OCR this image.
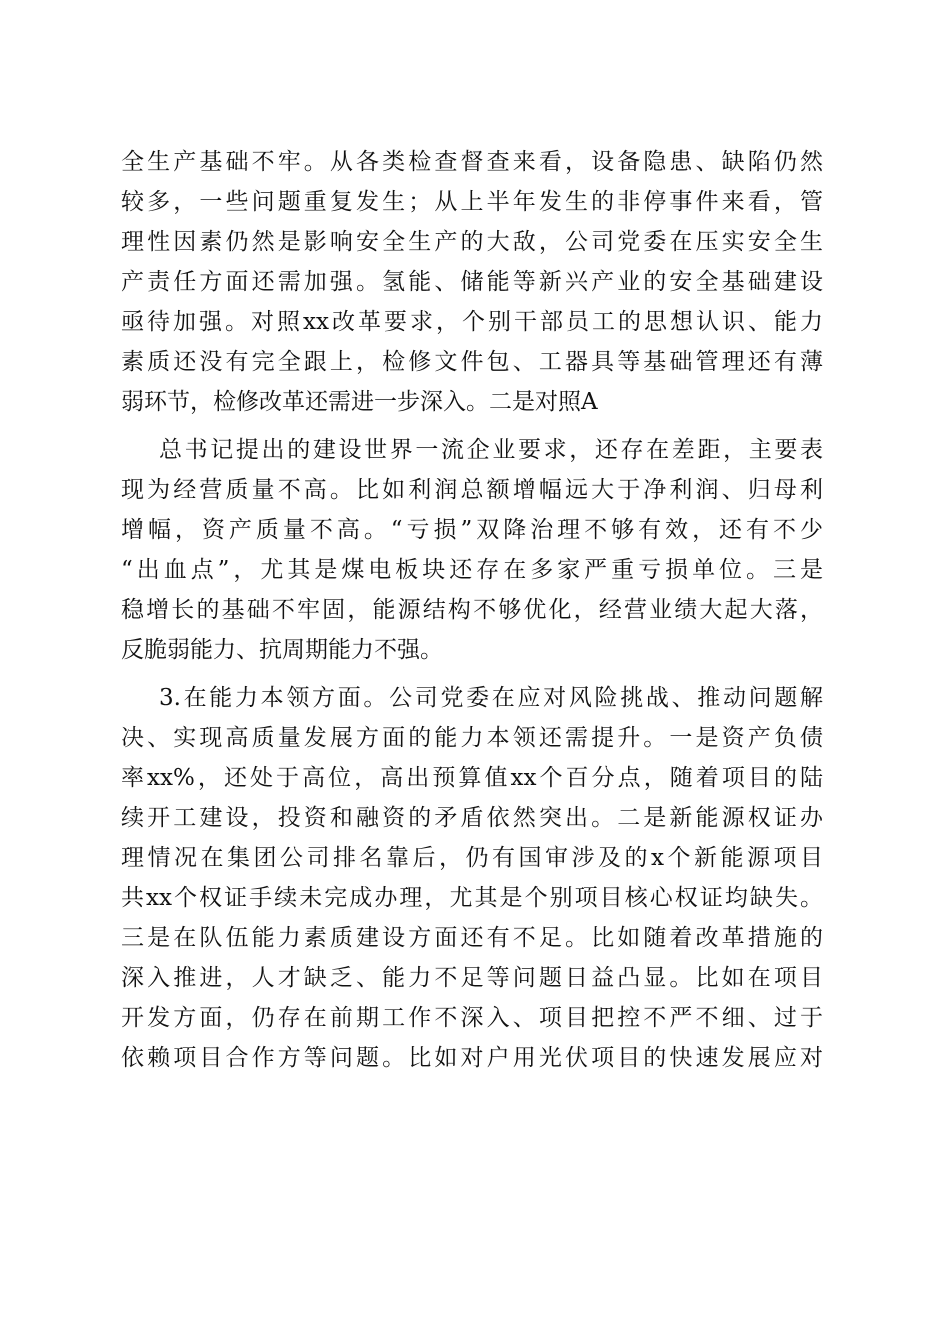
全生产基础不牢。从各类检查督查来看，设备隐患、缺陷仍然
较多，一些问题重复发生；从上半年发生的非停事件来看，管
理性因素仍然是影响安全生产的大敌，公司党委在压实安全生
产责任方面还需加强。氢能、储能等新兴产业的安全基础建设
亟待加强。对照xx改革要求，个别干部员工的思想认识、能力
素质还没有完全跟上，检修文件包、工器具等基础管理还有薄
弱环节，检修改革还需进一步深入。二是对照A
总书记提出的建设世界一流企业要求，还存在差距，主要表
现为经营质量不高。比如利润总额增幅远大于净利润、归母利
增幅，资产质量不高。“亏损”双降治理不够有效，还有不少
“出血点”，尤其是煤电板块还存在多家严重亏损单位。三是
稳增长的基础不牢固，能源结构不够优化，经营业绩大起大落，
反脆弱能力、抗周期能力不强。
3.在能力本领方面。公司党委在应对风险挑战、推动问题解
决、实现高质量发展方面的能力本领还需提升。一是资产负债
率xx%，还处于高位，高出预算值xx个百分点，随着项目的陆
续开工建设，投资和融资的矛盾依然突出。二是新能源权证办
理情况在集团公司排名靠后，仍有国审涉及的x个新能源项目
共xx个权证手续未完成办理，尤其是个别项目核心权证均缺失。
三是在队伍能力素质建设方面还有不足。比如随着改革措施的
深入推进，人才缺乏、能力不足等问题日益凸显。比如在项目
开发方面，仍存在前期工作不深入、项目把控不严不细、过于
依赖项目合作方等问题。比如对户用光伏项目的快速发展应对
